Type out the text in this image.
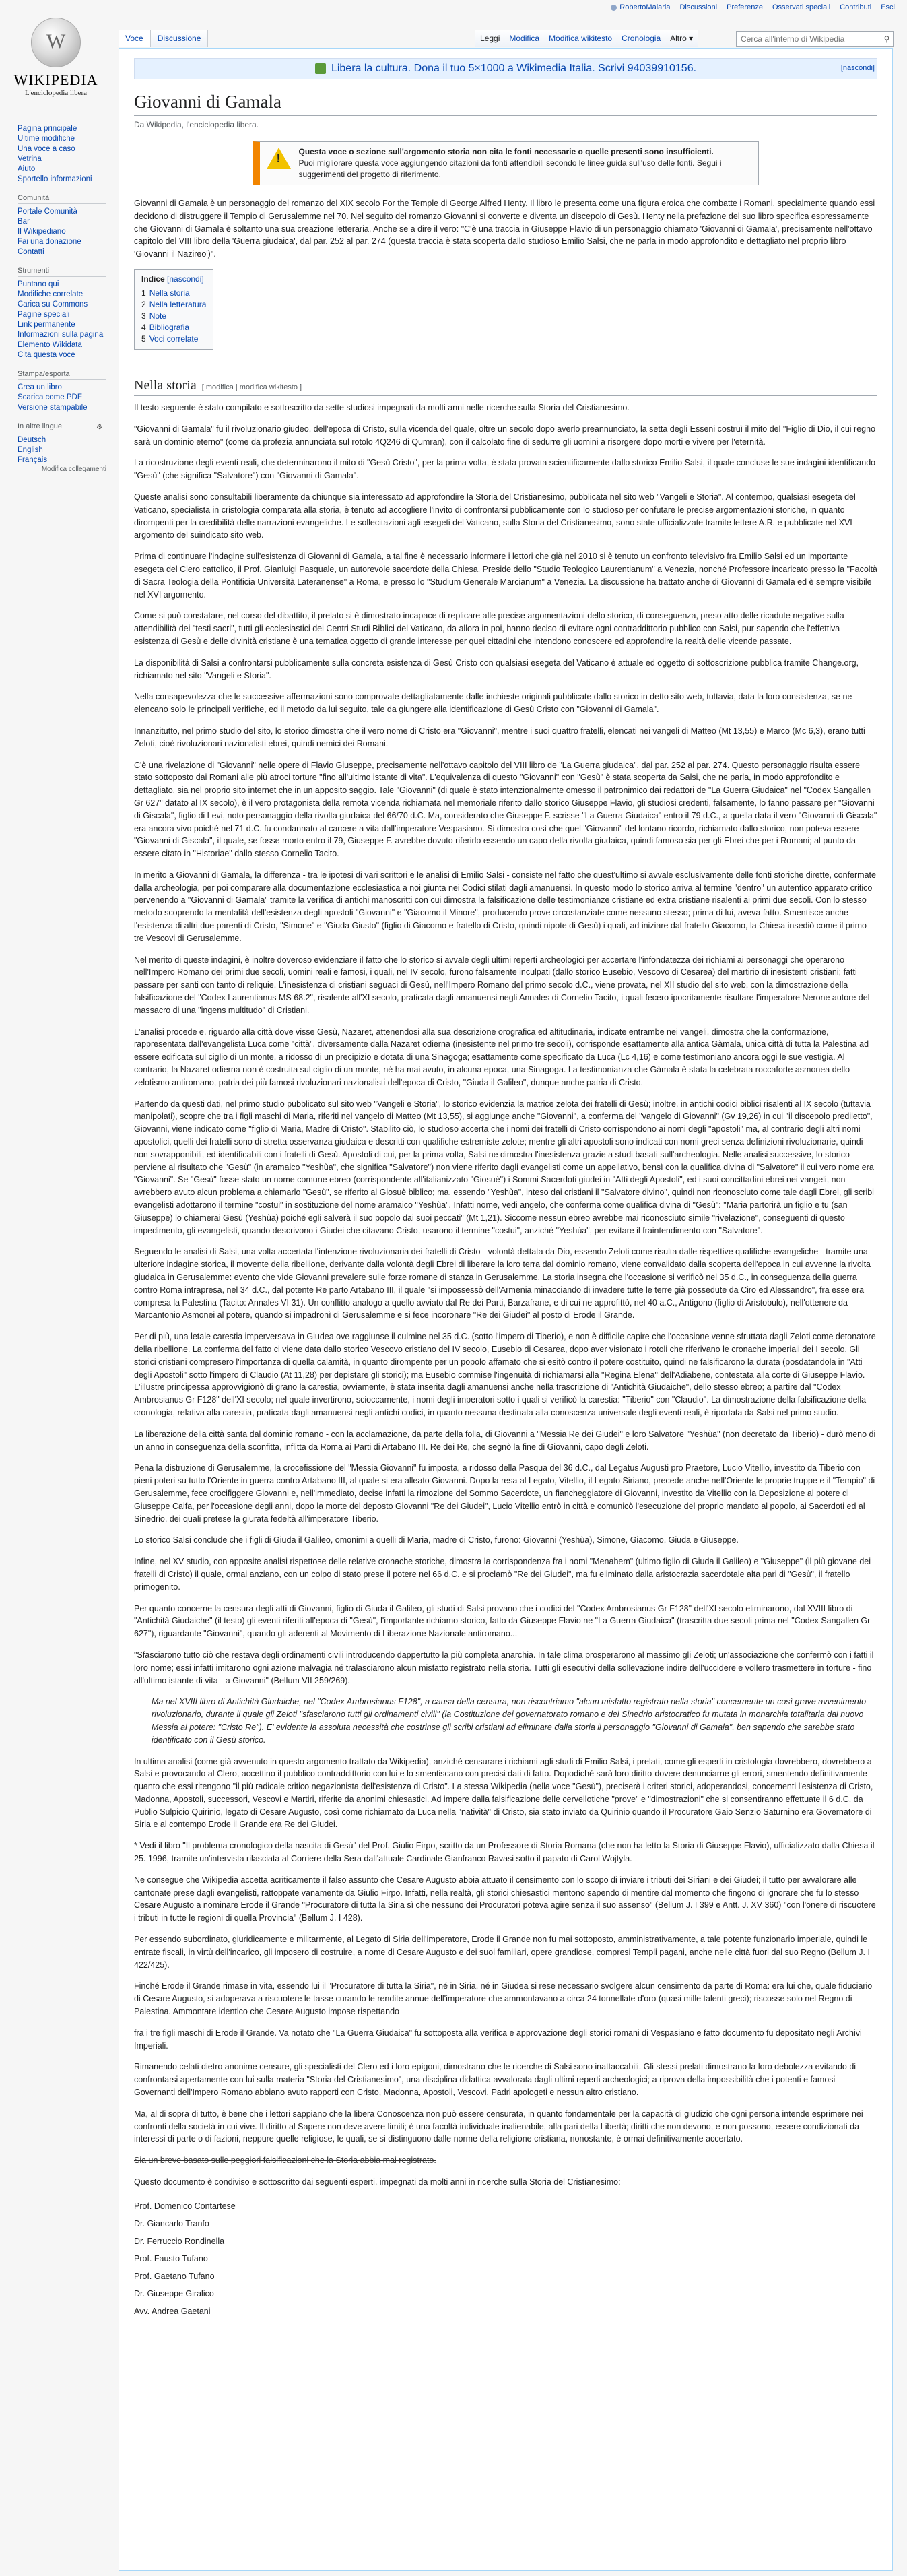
RobertoMalaria Discussioni Preferenze Osservati speciali Contributi Esci
W
WIKIPEDIA
L'enciclopedia libera
Voce Discussione	Leggi Modifica Modifica wikitesto Cronologia Altro ▾
Cerca all'interno di Wikipedia	⚲
Pagina principale
Ultime modifiche
Una voce a caso
Vetrina
Aiuto
Sportello informazioni
Comunità
Portale Comunità
Bar
Il Wikipediano
Fai una donazione
Contatti
Strumenti
Puntano qui
Modifiche correlate
Carica su Commons
Pagine speciali
Link permanente
Informazioni sulla pagina
Elemento Wikidata
Cita questa voce
Stampa/esporta
Crea un libro
Scarica come PDF
Versione stampabile
In altre lingue	⚙
Deutsch
English
Français
Modifica collegamenti
Libera la cultura. Dona il tuo 5×1000 a Wikimedia Italia. Scrivi 94039910156.	[nascondi]
Giovanni di Gamala
Da Wikipedia, l'enciclopedia libera.
!
Questa voce o sezione sull'argomento storia non cita le fonti necessarie o quelle presenti sono insufficienti.
Puoi migliorare questa voce aggiungendo citazioni da fonti attendibili secondo le linee guida sull'uso delle fonti. Segui i suggerimenti del progetto di riferimento.

Giovanni di Gamala è un personaggio del romanzo del XIX secolo For the Temple di George Alfred Henty. Il libro le presenta come una figura eroica che combatte i Romani, specialmente quando essi decidono di distruggere il Tempio di Gerusalemme nel 70. Nel seguito del romanzo Giovanni si converte e diventa un discepolo di Gesù. Henty nella prefazione del suo libro specifica espressamente che Giovanni di Gamala è soltanto una sua creazione letteraria. Anche se a dire il vero: "C'è una traccia in Giuseppe Flavio di un personaggio chiamato 'Giovanni di Gamala', precisamente nell'ottavo capitolo del VIII libro della 'Guerra giudaica', dal par. 252 al par. 274 (questa traccia è stata scoperta dallo studioso Emilio Salsi, che ne parla in modo approfondito e dettagliato nel proprio libro 'Giovanni il Nazireo')".

Indice [nascondi]
1 Nella storia
2 Nella letteratura
3 Note
4 Bibliografia
5 Voci correlate
Nella storia [ modifica | modifica wikitesto ]

Il testo seguente è stato compilato e sottoscritto da sette studiosi impegnati da molti anni nelle ricerche sulla Storia del Cristianesimo.

"Giovanni di Gamala" fu il rivoluzionario giudeo, dell'epoca di Cristo, sulla vicenda del quale, oltre un secolo dopo averlo preannunciato, la setta degli Esseni costruì il mito del "Figlio di Dio, il cui regno sarà un dominio eterno" (come da profezia annunciata sul rotolo 4Q246 di Qumran), con il calcolato fine di sedurre gli uomini a risorgere dopo morti e vivere per l'eternità.

La ricostruzione degli eventi reali, che determinarono il mito di "Gesù Cristo", per la prima volta, è stata provata scientificamente dallo storico Emilio Salsi, il quale concluse le sue indagini identificando "Gesù" (che significa "Salvatore") con "Giovanni di Gamala".

Queste analisi sono consultabili liberamente da chiunque sia interessato ad approfondire la Storia del Cristianesimo, pubblicata nel sito web "Vangeli e Storia". Al contempo, qualsiasi esegeta del Vaticano, specialista in cristologia comparata alla storia, è tenuto ad accogliere l'invito di confrontarsi pubblicamente con lo studioso per confutare le precise argomentazioni storiche, in quanto dirompenti per la credibilità delle narrazioni evangeliche. Le sollecitazioni agli esegeti del Vaticano, sulla Storia del Cristianesimo, sono state ufficializzate tramite lettere A.R. e pubblicate nel XVI argomento del suindicato sito web.

Prima di continuare l'indagine sull'esistenza di Giovanni di Gamala, a tal fine è necessario informare i lettori che già nel 2010 si è tenuto un confronto televisivo fra Emilio Salsi ed un importante esegeta del Clero cattolico, il Prof. Gianluigi Pasquale, un autorevole sacerdote della Chiesa. Preside dello "Studio Teologico Laurentianum" a Venezia, nonché Professore incaricato presso la "Facoltà di Sacra Teologia della Pontificia Università Lateranense" a Roma, e presso lo "Studium Generale Marcianum" a Venezia. La discussione ha trattato anche di Giovanni di Gamala ed è sempre visibile nel XVI argomento.

Come si può constatare, nel corso del dibattito, il prelato si è dimostrato incapace di replicare alle precise argomentazioni dello storico, di conseguenza, preso atto delle ricadute negative sulla attendibilità dei "testi sacri", tutti gli ecclesiastici dei Centri Studi Biblici del Vaticano, da allora in poi, hanno deciso di evitare ogni contraddittorio pubblico con Salsi, pur sapendo che l'effettiva esistenza di Gesù e delle divinità cristiane è una tematica oggetto di grande interesse per quei cittadini che intendono conoscere ed approfondire la realtà delle vicende passate.

La disponibilità di Salsi a confrontarsi pubblicamente sulla concreta esistenza di Gesù Cristo con qualsiasi esegeta del Vaticano è attuale ed oggetto di sottoscrizione pubblica tramite Change.org, richiamato nel sito "Vangeli e Storia".

Nella consapevolezza che le successive affermazioni sono comprovate dettagliatamente dalle inchieste originali pubblicate dallo storico in detto sito web, tuttavia, data la loro consistenza, se ne elencano solo le principali verifiche, ed il metodo da lui seguito, tale da giungere alla identificazione di Gesù Cristo con "Giovanni di Gamala".

Innanzitutto, nel primo studio del sito, lo storico dimostra che il vero nome di Cristo era "Giovanni", mentre i suoi quattro fratelli, elencati nei vangeli di Matteo (Mt 13,55) e Marco (Mc 6,3), erano tutti Zeloti, cioè rivoluzionari nazionalisti ebrei, quindi nemici dei Romani.

C'è una rivelazione di "Giovanni" nelle opere di Flavio Giuseppe, precisamente nell'ottavo capitolo del VIII libro de "La Guerra giudaica", dal par. 252 al par. 274. Questo personaggio risulta essere stato sottoposto dai Romani alle più atroci torture "fino all'ultimo istante di vita". L'equivalenza di questo "Giovanni" con "Gesù" è stata scoperta da Salsi, che ne parla, in modo approfondito e dettagliato, sia nel proprio sito internet che in un apposito saggio. Tale "Giovanni" (di quale è stato intenzionalmente omesso il patronimico dai redattori de "La Guerra Giudaica" nel "Codex Sangallen Gr 627" datato al IX secolo), è il vero protagonista della remota vicenda richiamata nel memoriale riferito dallo storico Giuseppe Flavio, gli studiosi credenti, falsamente, lo fanno passare per "Giovanni di Giscala", figlio di Levi, noto personaggio della rivolta giudaica del 66/70 d.C. Ma, considerato che Giuseppe F. scrisse "La Guerra Giudaica" entro il 79 d.C., a quella data il vero "Giovanni di Giscala" era ancora vivo poiché nel 71 d.C. fu condannato al carcere a vita dall'imperatore Vespasiano. Si dimostra così che quel "Giovanni" del lontano ricordo, richiamato dallo storico, non poteva essere "Giovanni di Giscala", il quale, se fosse morto entro il 79, Giuseppe F. avrebbe dovuto riferirlo essendo un capo della rivolta giudaica, quindi famoso sia per gli Ebrei che per i Romani; al punto da essere citato in "Historiae" dallo stesso Cornelio Tacito.

In merito a Giovanni di Gamala, la differenza - tra le ipotesi di vari scrittori e le analisi di Emilio Salsi - consiste nel fatto che quest'ultimo si avvale esclusivamente delle fonti storiche dirette, confermate dalla archeologia, per poi comparare alla documentazione ecclesiastica a noi giunta nei Codici stilati dagli amanuensi. In questo modo lo storico arriva al termine "dentro" un autentico apparato critico pervenendo a "Giovanni di Gamala" tramite la verifica di antichi manoscritti con cui dimostra la falsificazione delle testimonianze cristiane ed extra cristiane risalenti ai primi due secoli. Con lo stesso metodo scoprendo la mentalità dell'esistenza degli apostoli "Giovanni" e "Giacomo il Minore", producendo prove circostanziate come nessuno stesso; prima di lui, aveva fatto. Smentisce anche l'esistenza di altri due parenti di Cristo, "Simone" e "Giuda Giusto" (figlio di Giacomo e fratello di Cristo, quindi nipote di Gesù) i quali, ad iniziare dal fratello Giacomo, la Chiesa insediò come il primo tre Vescovi di Gerusalemme.

Nel merito di queste indagini, è inoltre doveroso evidenziare il fatto che lo storico si avvale degli ultimi reperti archeologici per accertare l'infondatezza dei richiami ai personaggi che operarono nell'Impero Romano dei primi due secoli, uomini reali e famosi, i quali, nel IV secolo, furono falsamente inculpati (dallo storico Eusebio, Vescovo di Cesarea) del martirio di inesistenti cristiani; fatti passare per santi con tanto di reliquie. L'inesistenza di cristiani seguaci di Gesù, nell'Impero Romano del primo secolo d.C., viene provata, nel XII studio del sito web, con la dimostrazione della falsificazione del "Codex Laurentianus MS 68.2", risalente all'XI secolo, praticata dagli amanuensi negli Annales di Cornelio Tacito, i quali fecero ipocritamente risultare l'imperatore Nerone autore del massacro di una "ingens multitudo" di Cristiani.

L'analisi procede e, riguardo alla città dove visse Gesù, Nazaret, attenendosi alla sua descrizione orografica ed altitudinaria, indicate entrambe nei vangeli, dimostra che la conformazione, rappresentata dall'evangelista Luca come "città", diversamente dalla Nazaret odierna (inesistente nel primo tre secoli), corrisponde esattamente alla antica Gàmala, unica città di tutta la Palestina ad essere edificata sul ciglio di un monte, a ridosso di un precipizio e dotata di una Sinagoga; esattamente come specificato da Luca (Lc 4,16) e come testimoniano ancora oggi le sue vestigia. Al contrario, la Nazaret odierna non è costruita sul ciglio di un monte, né ha mai avuto, in alcuna epoca, una Sinagoga. La testimonianza che Gàmala è stata la celebrata roccaforte asmonea dello zelotismo antiromano, patria dei più famosi rivoluzionari nazionalisti dell'epoca di Cristo, "Giuda il Galileo", dunque anche patria di Cristo.

Partendo da questi dati, nel primo studio pubblicato sul sito web "Vangeli e Storia", lo storico evidenzia la matrice zelota dei fratelli di Gesù; inoltre, in antichi codici biblici risalenti al IX secolo (tuttavia manipolati), scopre che tra i figli maschi di Maria, riferiti nel vangelo di Matteo (Mt 13,55), si aggiunge anche "Giovanni", a conferma del "vangelo di Giovanni" (Gv 19,26) in cui "il discepolo prediletto", Giovanni, viene indicato come "figlio di Maria, Madre di Cristo". Stabilito ciò, lo studioso accerta che i nomi dei fratelli di Cristo corrispondono ai nomi degli "apostoli" ma, al contrario degli altri nomi apostolici, quelli dei fratelli sono di stretta osservanza giudaica e descritti con qualifiche estremiste zelote; mentre gli altri apostoli sono indicati con nomi greci senza definizioni rivoluzionarie, quindi non sovrapponibili, ed identificabili con i fratelli di Gesù. Apostoli di cui, per la prima volta, Salsi ne dimostra l'inesistenza grazie a studi basati sull'archeologia. Nelle analisi successive, lo storico perviene al risultato che "Gesù" (in aramaico "Yeshùa", che significa "Salvatore") non viene riferito dagli evangelisti come un appellativo, bensì con la qualifica divina di "Salvatore" il cui vero nome era "Giovanni". Se "Gesù" fosse stato un nome comune ebreo (corrispondente all'italianizzato "Giosuè") i Sommi Sacerdoti giudei in "Atti degli Apostoli", ed i suoi concittadini ebrei nei vangeli, non avrebbero avuto alcun problema a chiamarlo "Gesù", se riferito al Giosuè biblico; ma, essendo "Yeshùa", inteso dai cristiani il "Salvatore divino", quindi non riconosciuto come tale dagli Ebrei, gli scribi evangelisti adottarono il termine "costui" in sostituzione del nome aramaico "Yeshùa". Infatti nome, vedi angelo, che conferma come qualifica divina di "Gesù": "Maria partorirà un figlio e tu (san Giuseppe) lo chiamerai Gesù (Yeshùa) poiché egli salverà il suo popolo dai suoi peccati" (Mt 1,21). Siccome nessun ebreo avrebbe mai riconosciuto simile "rivelazione", conseguenti di questo impedimento, gli evangelisti, quando descrivono i Giudei che citavano Cristo, usarono il termine "costui", anziché "Yeshùa", per evitare il fraintendimento con "Salvatore".

Seguendo le analisi di Salsi, una volta accertata l'intenzione rivoluzionaria dei fratelli di Cristo - volontà dettata da Dio, essendo Zeloti come risulta dalle rispettive qualifiche evangeliche - tramite una ulteriore indagine storica, il movente della ribellione, derivante dalla volontà degli Ebrei di liberare la loro terra dal dominio romano, viene convalidato dalla scoperta dell'epoca in cui avvenne la rivolta giudaica in Gerusalemme: evento che vide Giovanni prevalere sulle forze romane di stanza in Gerusalemme. La storia insegna che l'occasione si verificò nel 35 d.C., in conseguenza della guerra contro Roma intrapresa, nel 34 d.C., dal potente Re parto Artabano III, il quale "si impossessò dell'Armenia minacciando di invadere tutte le terre già possedute da Ciro ed Alessandro", fra esse era compresa la Palestina (Tacito: Annales VI 31). Un conflitto analogo a quello avviato dal Re dei Parti, Barzafrane, e di cui ne approfittò, nel 40 a.C., Antigono (figlio di Aristobulo), nell'ottenere da Marcantonio Asmonei al potere, quando si impadronì di Gerusalemme e si fece incoronare "Re dei Giudei" al posto di Erode il Grande.

Per di più, una letale carestia imperversava in Giudea ove raggiunse il culmine nel 35 d.C. (sotto l'impero di Tiberio), e non è difficile capire che l'occasione venne sfruttata dagli Zeloti come detonatore della ribellione. La conferma del fatto ci viene data dallo storico Vescovo cristiano del IV secolo, Eusebio di Cesarea, dopo aver visionato i rotoli che riferivano le cronache imperiali dei I secolo. Gli storici cristiani compresero l'importanza di quella calamità, in quanto dirompente per un popolo affamato che si esitò contro il potere costituito, quindi ne falsificarono la durata (posdatandola in "Atti degli Apostoli" sotto l'impero di Claudio (At 11,28) per depistare gli storici); ma Eusebio commise l'ingenuità di richiamarsi alla "Regina Elena" dell'Adiabene, contestata alla corte di Giuseppe Flavio. L'illustre principessa approvvigionò di grano la carestia, ovviamente, è stata inserita dagli amanuensi anche nella trascrizione di "Antichità Giudaiche", dello stesso ebreo; a partire dal "Codex Ambrosianus Gr F128" dell'XI secolo; nel quale invertirono, scioccamente, i nomi degli imperatori sotto i quali si verificò la carestia: "Tiberio" con "Claudio". La dimostrazione della falsificazione della cronologia, relativa alla carestia, praticata dagli amanuensi negli antichi codici, in quanto nessuna destinata alla conoscenza universale degli eventi reali, è riportata da Salsi nel primo studio.

La liberazione della città santa dal dominio romano - con la acclamazione, da parte della folla, di Giovanni a "Messia Re dei Giudei" e loro Salvatore "Yeshùa" (non decretato da Tiberio) - durò meno di un anno in conseguenza della sconfitta, inflitta da Roma ai Parti di Artabano III. Re dei Re, che segnò la fine di Giovanni, capo degli Zeloti.

Pena la distruzione di Gerusalemme, la crocefissione del "Messia Giovanni" fu imposta, a ridosso della Pasqua del 36 d.C., dal Legatus Augusti pro Praetore, Lucio Vitellio, investito da Tiberio con pieni poteri su tutto l'Oriente in guerra contro Artabano III, al quale si era alleato Giovanni. Dopo la resa al Legato, Vitellio, il Legato Siriano, precede anche nell'Oriente le proprie truppe e il "Tempio" di Gerusalemme, fece crocifiggere Giovanni e, nell'immediato, decise infatti la rimozione del Sommo Sacerdote, un fiancheggiatore di Giovanni, investito da Vitellio con la Deposizione al potere di Giuseppe Caifa, per l'occasione degli anni, dopo la morte del deposto Giovanni "Re dei Giudei", Lucio Vitellio entrò in città e comunicò l'esecuzione del proprio mandato al popolo, ai Sacerdoti ed al Sinedrio, dei quali pretese la giurata fedeltà all'imperatore Tiberio.

Lo storico Salsi conclude che i figli di Giuda il Galileo, omonimi a quelli di Maria, madre di Cristo, furono: Giovanni (Yeshùa), Simone, Giacomo, Giuda e Giuseppe.

Infine, nel XV studio, con apposite analisi rispettose delle relative cronache storiche, dimostra la corrispondenza fra i nomi "Menahem" (ultimo figlio di Giuda il Galileo) e "Giuseppe" (il più giovane dei fratelli di Cristo) il quale, ormai anziano, con un colpo di stato prese il potere nel 66 d.C. e si proclamò "Re dei Giudei", ma fu eliminato dalla aristocrazia sacerdotale alta pari di "Gesù", il fratello primogenito.

Per quanto concerne la censura degli atti di Giovanni, figlio di Giuda il Galileo, gli studi di Salsi provano che i codici del "Codex Ambrosianus Gr F128" dell'XI secolo eliminarono, dal XVIII libro di "Antichità Giudaiche" (il testo) gli eventi riferiti all'epoca di "Gesù", l'importante richiamo storico, fatto da Giuseppe Flavio ne "La Guerra Giudaica" (trascritta due secoli prima nel "Codex Sangallen Gr 627"), riguardante "Giovanni", quando gli aderenti al Movimento di Liberazione Nazionale antiromano...

"Sfasciarono tutto ciò che restava degli ordinamenti civili introducendo dappertutto la più completa anarchia. In tale clima prosperarono al massimo gli Zeloti; un'associazione che confermò con i fatti il loro nome; essi infatti imitarono ogni azione malvagia né tralasciarono alcun misfatto registrato nella storia. Tutti gli esecutivi della sollevazione indire dell'uccidere e vollero trasmettere in torture - fino all'ultimo istante di vita - a Giovanni" (Bellum VII 259/269).

Ma nel XVIII libro di Antichità Giudaiche, nel "Codex Ambrosianus F128", a causa della censura, non riscontriamo "alcun misfatto registrato nella storia" concernente un così grave avvenimento rivoluzionario, durante il quale gli Zeloti "sfasciarono tutti gli ordinamenti civili" (la Costituzione dei governatorato romano e del Sinedrio aristocratico fu mutata in monarchia totalitaria dal nuovo Messia al potere: "Cristo Re"). E' evidente la assoluta necessità che costrinse gli scribi cristiani ad eliminare dalla storia il personaggio "Giovanni di Gamala", ben sapendo che sarebbe stato identificato con il Gesù storico.

In ultima analisi (come già avvenuto in questo argomento trattato da Wikipedia), anziché censurare i richiami agli studi di Emilio Salsi, i prelati, come gli esperti in cristologia dovrebbero, dovrebbero a Salsi e provocando al Clero, accettino il pubblico contraddittorio con lui e lo smentiscano con precisi dati di fatto. Dopodiché sarà loro diritto-dovere denunciarne gli errori, smentendo definitivamente quanto che essi ritengono "il più radicale critico negazionista dell'esistenza di Cristo". La stessa Wikipedia (nella voce "Gesù"), preciserà i criteri storici, adoperandosi, concernenti l'esistenza di Cristo, Madonna, Apostoli, successori, Vescovi e Martiri, riferite da anonimi chiesastici. Ad impere dalla falsificazione delle cervellotiche "prove" e "dimostrazioni" che si consentiranno effettuate il 6 d.C. da Publio Sulpicio Quirinio, legato di Cesare Augusto, così come richiamato da Luca nella "natività" di Cristo, sia stato inviato da Quirinio quando il Procuratore Gaio Senzio Saturnino era Governatore di Siria e al contempo Erode il Grande era Re dei Giudei.

* Vedi il libro "Il problema cronologico della nascita di Gesù" del Prof. Giulio Firpo, scritto da un Professore di Storia Romana (che non ha letto la Storia di Giuseppe Flavio), ufficializzato dalla Chiesa il 25. 1996, tramite un'intervista rilasciata al Corriere della Sera dall'attuale Cardinale Gianfranco Ravasi sotto il papato di Carol Wojtyla.

Ne consegue che Wikipedia accetta acriticamente il falso assunto che Cesare Augusto abbia attuato il censimento con lo scopo di inviare i tributi dei Siriani e dei Giudei; il tutto per avvalorare alle cantonate prese dagli evangelisti, rattoppate vanamente da Giulio Firpo. Infatti, nella realtà, gli storici chiesastici mentono sapendo di mentire dal momento che fingono di ignorare che fu lo stesso Cesare Augusto a nominare Erode il Grande "Procuratore di tutta la Siria sì che nessuno dei Procuratori poteva agire senza il suo assenso" (Bellum J. I 399 e Antt. J. XV 360) "con l'onere di riscuotere i tributi in tutte le regioni di quella Provincia" (Bellum J. I 428).

Per essendo subordinato, giuridicamente e militarmente, al Legato di Siria dell'imperatore, Erode il Grande non fu mai sottoposto, amministrativamente, a tale potente funzionario imperiale, quindi le entrate fiscali, in virtù dell'incarico, gli imposero di costruire, a nome di Cesare Augusto e dei suoi familiari, opere grandiose, compresi Templi pagani, anche nelle città fuori dal suo Regno (Bellum J. I 422/425).

Finché Erode il Grande rimase in vita, essendo lui il "Procuratore di tutta la Siria", né in Siria, né in Giudea si rese necessario svolgere alcun censimento da parte di Roma: era lui che, quale fiduciario di Cesare Augusto, si adoperava a riscuotere le tasse curando le rendite annue dell'imperatore che ammontavano a circa 24 tonnellate d'oro (quasi mille talenti greci); riscosse solo nel Regno di Palestina. Ammontare identico che Cesare Augusto impose rispettando

fra i tre figli maschi di Erode il Grande. Va notato che "La Guerra Giudaica" fu sottoposta alla verifica e approvazione degli storici romani di Vespasiano e fatto documento fu depositato negli Archivi Imperiali.

Rimanendo celati dietro anonime censure, gli specialisti del Clero ed i loro epigoni, dimostrano che le ricerche di Salsi sono inattaccabili. Gli stessi prelati dimostrano la loro debolezza evitando di confrontarsi apertamente con lui sulla materia "Storia del Cristianesimo", una disciplina didattica avvalorata dagli ultimi reperti archeologici; a riprova della impossibilità che i potenti e famosi Governanti dell'Impero Romano abbiano avuto rapporti con Cristo, Madonna, Apostoli, Vescovi, Padri apologeti e nessun altro cristiano.

Ma, al di sopra di tutto, è bene che i lettori sappiano che la libera Conoscenza non può essere censurata, in quanto fondamentale per la capacità di giudizio che ogni persona intende esprimere nei confronti della società in cui vive. Il diritto al Sapere non deve avere limiti; è una facoltà individuale inalienabile, alla pari della Libertà; diritti che non devono, e non possono, essere condizionati da interessi di parte o di fazioni, neppure quelle religiose, le quali, se si distinguono dalle norme della religione cristiana, nonostante, è ormai definitivamente accertato.

Sia un breve basato sulle peggiori falsificazioni che la Storia abbia mai registrato.

Questo documento è condiviso e sottoscritto dai seguenti esperti, impegnati da molti anni in ricerche sulla Storia del Cristianesimo:

Prof. Domenico Contartese
Dr. Giancarlo Tranfo
Dr. Ferruccio Rondinella
Prof. Fausto Tufano
Prof. Gaetano Tufano
Dr. Giuseppe Giralico
Avv. Andrea Gaetani
